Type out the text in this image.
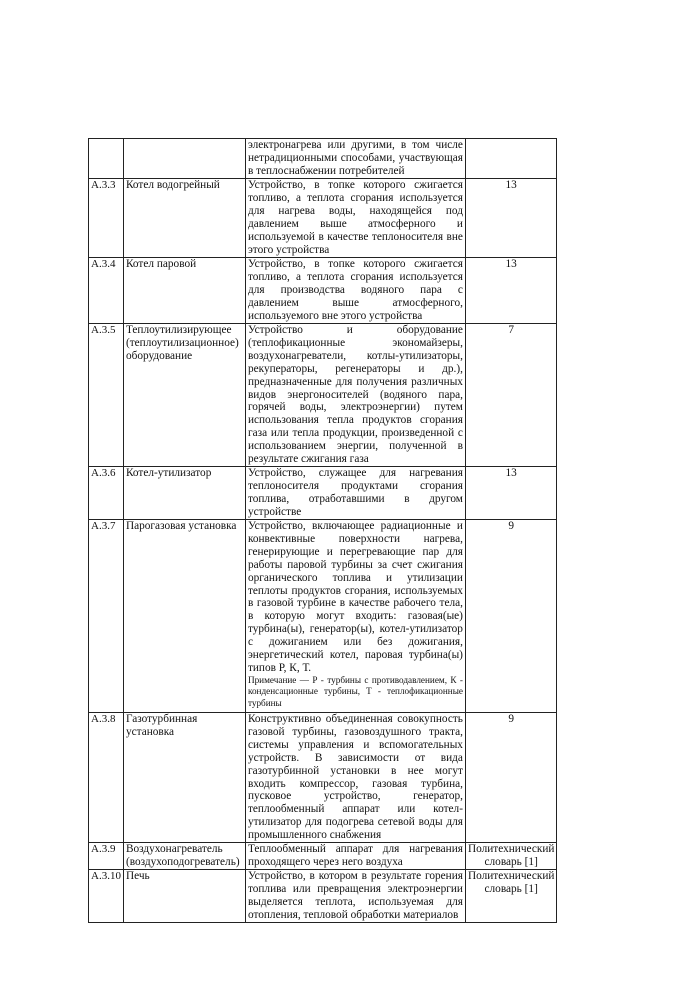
		электронагрева или другими, в том числе нетрадиционными способами, участвующая в теплоснабжении потребителей	
А.3.3	Котел водогрейный	Устройство, в топке которого сжигается топливо, а теплота сгорания используется для нагрева воды, находящейся под давлением выше атмосферного и используемой в качестве теплоносителя вне этого устройства	13
А.3.4	Котел паровой	Устройство, в топке которого сжигается топливо, а теплота сгорания используется для производства водяного пара с давлением выше атмосферного, используемого вне этого устройства	13
А.3.5	Теплоутилизирующее (теплоутилизационное) оборудование	Устройство и оборудование (теплофикационные экономайзеры, воздухонагреватели, котлы-утилизаторы, рекуператоры, регенераторы и др.), предназначенные для получения различных видов энергоносителей (водяного пара, горячей воды, электроэнергии) путем использования тепла продуктов сгорания газа или тепла продукции, произведенной с использованием энергии, полученной в результате сжигания газа	7
А.3.6	Котел-утилизатор	Устройство, служащее для нагревания теплоносителя продуктами сгорания топлива, отработавшими в другом устройстве	13
А.3.7	Парогазовая установка	Устройство, включающее радиационные и конвективные поверхности нагрева, генерирующие и перегревающие пар для работы паровой турбины за счет сжигания органического топлива и утилизации теплоты продуктов сгорания, используемых в газовой турбине в качестве рабочего тела, в которую могут входить: газовая(ые) турбина(ы), генератор(ы), котел-утилизатор с дожиганием или без дожигания, энергетический котел, паровая турбина(ы) типов Р, К, Т.
Примечание — Р - турбины с противодавлением, К - конденсационные турбины, Т - теплофикационные турбины	9
А.3.8	Газотурбинная установка	Конструктивно объединенная совокупность газовой турбины, газовоздушного тракта, системы управления и вспомогательных устройств. В зависимости от вида газотурбинной установки в нее могут входить компрессор, газовая турбина, пусковое устройство, генератор, теплообменный аппарат или котел-утилизатор для подогрева сетевой воды для промышленного снабжения	9
А.3.9	Воздухонагреватель (воздухоподогреватель)	Теплообменный аппарат для нагревания проходящего через него воздуха	Политехнический словарь [1]
А.3.10	Печь	Устройство, в котором в результате горения топлива или превращения электроэнергии выделяется теплота, используемая для отопления, тепловой обработки материалов	Политехнический словарь [1]
